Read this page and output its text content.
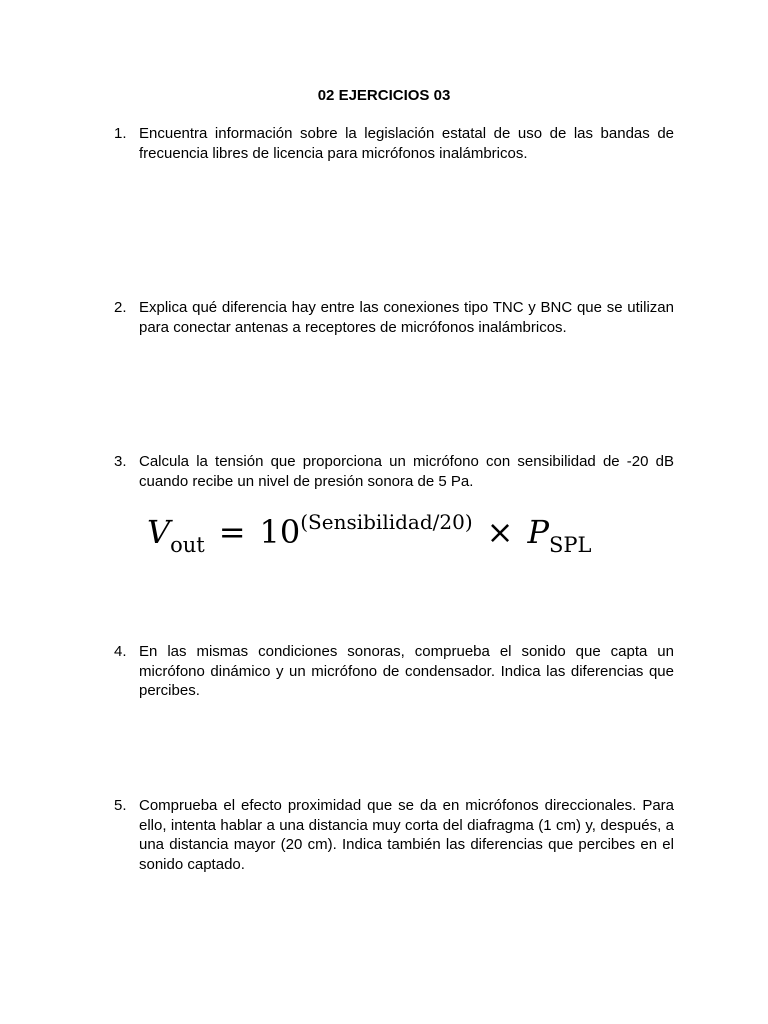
02 EJERCICIOS 03
1. Encuentra información sobre la legislación estatal de uso de las bandas de frecuencia libres de licencia para micrófonos inalámbricos.
2. Explica qué diferencia hay entre las conexiones tipo TNC y BNC que se utilizan para conectar antenas a receptores de micrófonos inalámbricos.
3. Calcula la tensión que proporciona un micrófono con sensibilidad de -20 dB cuando recibe un nivel de presión sonora de 5 Pa.
$V_{out} = 10^{(Sensibilidad/20)} \times P_{SPL}$
4. En las mismas condiciones sonoras, comprueba el sonido que capta un micrófono dinámico y un micrófono de condensador. Indica las diferencias que percibes.
5. Comprueba el efecto proximidad que se da en micrófonos direccionales. Para ello, intenta hablar a una distancia muy corta del diafragma (1 cm) y, después, a una distancia mayor (20 cm). Indica también las diferencias que percibes en el sonido captado.
